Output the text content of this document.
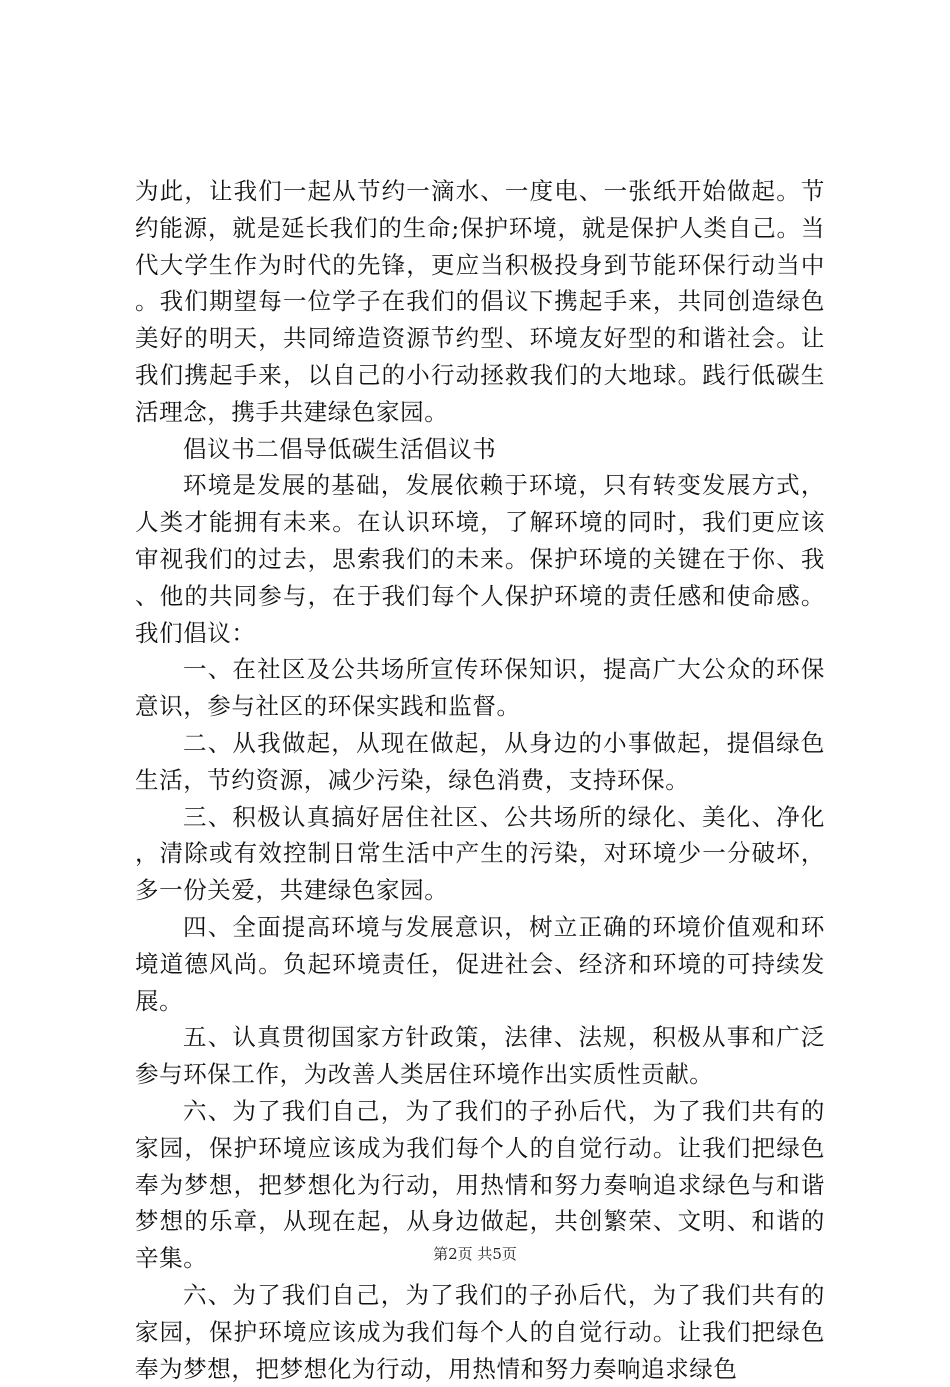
为此，让我们一起从节约一滴水、一度电、一张纸开始做起。节约能源，就是延长我们的生命;保护环境，就是保护人类自己。当代大学生作为时代的先锋，更应当积极投身到节能环保行动当中。我们期望每一位学子在我们的倡议下携起手来，共同创造绿色美好的明天，共同缔造资源节约型、环境友好型的和谐社会。让我们携起手来，以自己的小行动拯救我们的大地球。践行低碳生活理念，携手共建绿色家园。

倡议书二倡导低碳生活倡议书

环境是发展的基础，发展依赖于环境，只有转变发展方式，人类才能拥有未来。在认识环境，了解环境的同时，我们更应该审视我们的过去，思索我们的未来。保护环境的关键在于你、我、他的共同参与，在于我们每个人保护环境的责任感和使命感。我们倡议：

一、在社区及公共场所宣传环保知识，提高广大公众的环保意识，参与社区的环保实践和监督。

二、从我做起，从现在做起，从身边的小事做起，提倡绿色生活，节约资源，减少污染，绿色消费，支持环保。

三、积极认真搞好居住社区、公共场所的绿化、美化、净化，清除或有效控制日常生活中产生的污染，对环境少一分破坏，多一份关爱，共建绿色家园。

四、全面提高环境与发展意识，树立正确的环境价值观和环境道德风尚。负起环境责任，促进社会、经济和环境的可持续发展。

五、认真贯彻国家方针政策，法律、法规，积极从事和广泛参与环保工作，为改善人类居住环境作出实质性贡献。

六、为了我们自己，为了我们的子孙后代，为了我们共有的家园，保护环境应该成为我们每个人的自觉行动。让我们把绿色奉为梦想，把梦想化为行动，用热情和努力奏响追求绿色与和谐梦想的乐章，从现在起，从身边做起，共创繁荣、文明、和谐的辛集。

六、为了我们自己，为了我们的子孙后代，为了我们共有的家园，保护环境应该成为我们每个人的自觉行动。让我们把绿色奉为梦想，把梦想化为行动，用热情和努力奏响追求绿色

第2页 共5页
